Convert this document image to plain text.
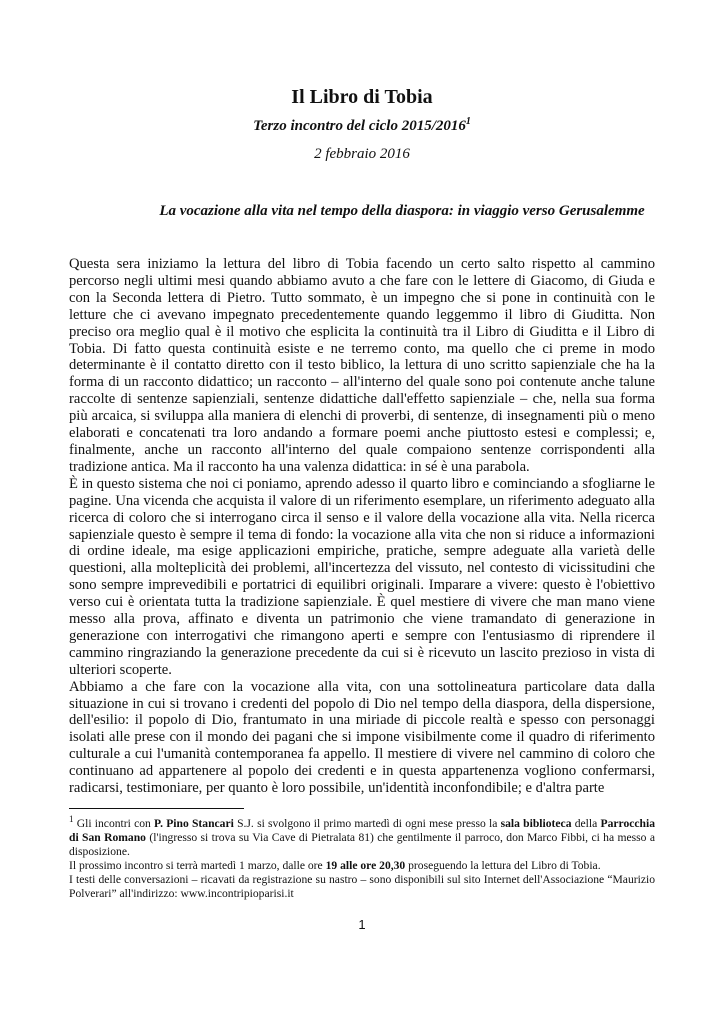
Il Libro di Tobia
Terzo incontro del ciclo 2015/2016$^1$
2 febbraio 2016
La vocazione alla vita nel tempo della diaspora: in viaggio verso Gerusalemme

Questa sera iniziamo la lettura del libro di Tobia facendo un certo salto rispetto al cammino percorso negli ultimi mesi quando abbiamo avuto a che fare con le lettere di Giacomo, di Giuda e con la Seconda lettera di Pietro. Tutto sommato, è un impegno che si pone in continuità con le letture che ci avevano impegnato precedentemente quando leggemmo il libro di Giuditta. Non preciso ora meglio qual è il motivo che esplicita la continuità tra il Libro di Giuditta e il Libro di Tobia. Di fatto questa continuità esiste e ne terremo conto, ma quello che ci preme in modo determinante è il contatto diretto con il testo biblico, la lettura di uno scritto sapienziale che ha la forma di un racconto didattico; un racconto – all'interno del quale sono poi contenute anche talune raccolte di sentenze sapienziali, sentenze didattiche dall'effetto sapienziale – che, nella sua forma più arcaica, si sviluppa alla maniera di elenchi di proverbi, di sentenze, di insegnamenti più o meno elaborati e concatenati tra loro andando a formare poemi anche piuttosto estesi e complessi; e, finalmente, anche un racconto all'interno del quale compaiono sentenze corrispondenti alla tradizione antica. Ma il racconto ha una valenza didattica: in sé è una parabola.

È in questo sistema che noi ci poniamo, aprendo adesso il quarto libro e cominciando a sfogliarne le pagine. Una vicenda che acquista il valore di un riferimento esemplare, un riferimento adeguato alla ricerca di coloro che si interrogano circa il senso e il valore della vocazione alla vita. Nella ricerca sapienziale questo è sempre il tema di fondo: la vocazione alla vita che non si riduce a informazioni di ordine ideale, ma esige applicazioni empiriche, pratiche, sempre adeguate alla varietà delle questioni, alla molteplicità dei problemi, all'incertezza del vissuto, nel contesto di vicissitudini che sono sempre imprevedibili e portatrici di equilibri originali. Imparare a vivere: questo è l'obiettivo verso cui è orientata tutta la tradizione sapienziale. È quel mestiere di vivere che man mano viene messo alla prova, affinato e diventa un patrimonio che viene tramandato di generazione in generazione con interrogativi che rimangono aperti e sempre con l'entusiasmo di riprendere il cammino ringraziando la generazione precedente da cui si è ricevuto un lascito prezioso in vista di ulteriori scoperte.

Abbiamo a che fare con la vocazione alla vita, con una sottolineatura particolare data dalla situazione in cui si trovano i credenti del popolo di Dio nel tempo della diaspora, della dispersione, dell'esilio: il popolo di Dio, frantumato in una miriade di piccole realtà e spesso con personaggi isolati alle prese con il mondo dei pagani che si impone visibilmente come il quadro di riferimento culturale a cui l'umanità contemporanea fa appello. Il mestiere di vivere nel cammino di coloro che continuano ad appartenere al popolo dei credenti e in questa appartenenza vogliono confermarsi, radicarsi, testimoniare, per quanto è loro possibile, un'identità inconfondibile; e d'altra parte

$^1$ Gli incontri con P. Pino Stancari S.J. si svolgono il primo martedì di ogni mese presso la sala biblioteca della Parrocchia di San Romano (l'ingresso si trova su Via Cave di Pietralata 81) che gentilmente il parroco, don Marco Fibbi, ci ha messo a disposizione.

Il prossimo incontro si terrà martedì 1 marzo, dalle ore 19 alle ore 20,30 proseguendo la lettura del Libro di Tobia.

I testi delle conversazioni – ricavati da registrazione su nastro – sono disponibili sul sito Internet dell'Associazione “Maurizio Polverari” all'indirizzo: www.incontripioparisi.it

1
